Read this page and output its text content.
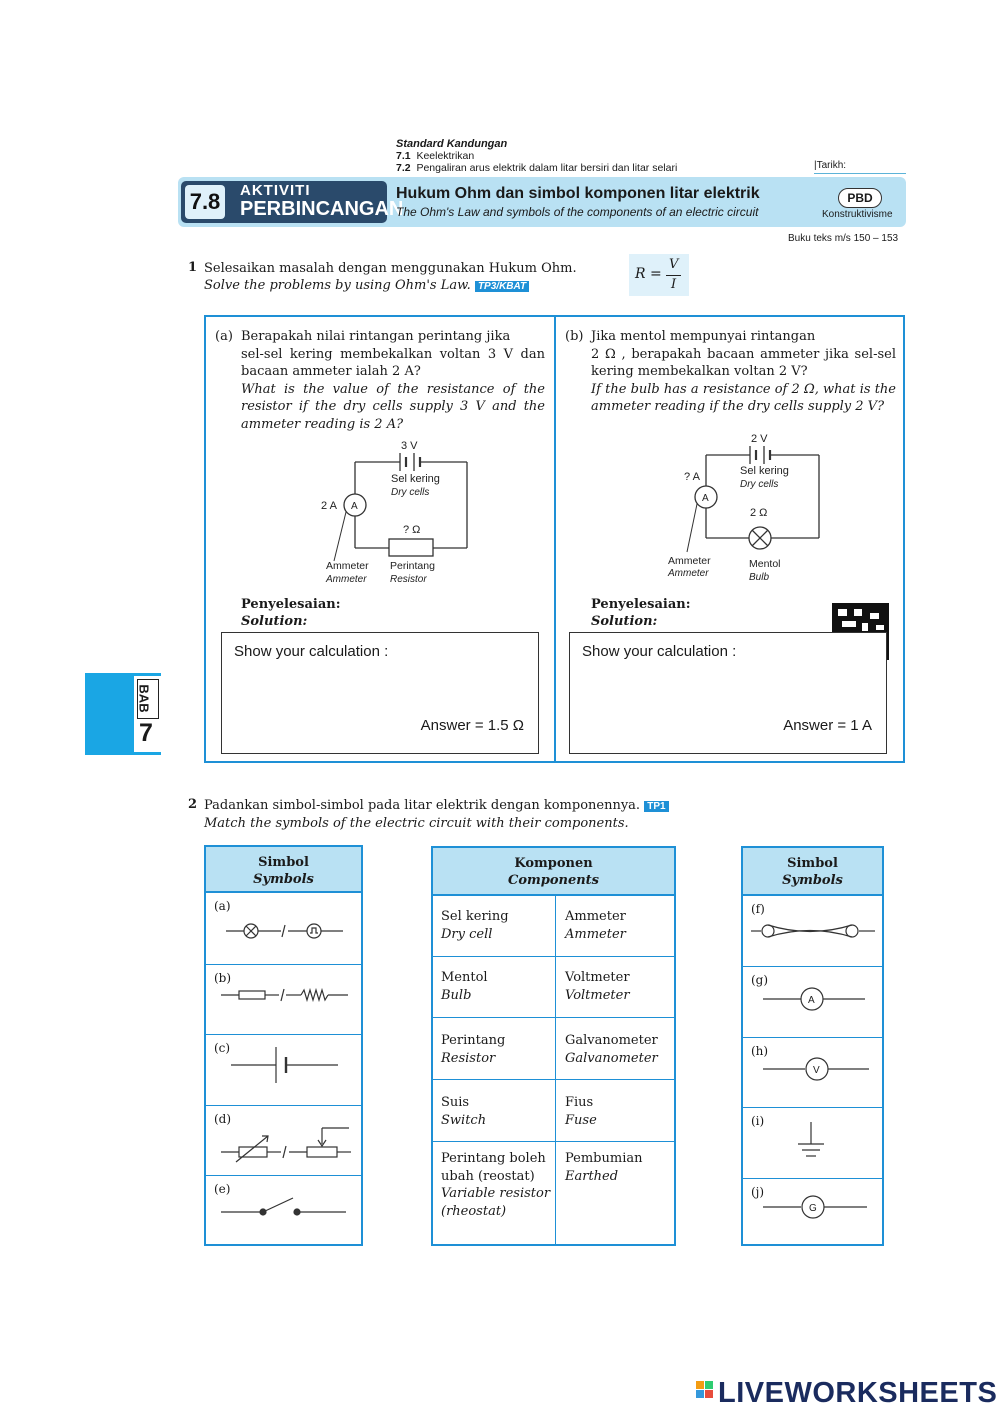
Standard Kandungan
7.1 Keelektrikan
7.2 Pengaliran arus elektrik dalam litar bersiri dan litar selari	|Tarikh:
7.8	AKTIVITI
PERBINCANGAN
Hukum Ohm dan simbol komponen litar elektrik
The Ohm's Law and symbols of the components of an electric circuit
PBD
Konstruktivisme
Buku teks m/s 150 – 153
1 Selesaikan masalah dengan menggunakan Hukum Ohm.
Solve the problems by using Ohm's Law. TP3/KBAT
R =
V
I
(a) Berapakah nilai rintangan perintang jika
sel-sel kering membekalkan voltan 3 V dan bacaan ammeter ialah 2 A?
What is the value of the resistance of the resistor if the dry cells supply 3 V and the ammeter reading is 2 A?
3 V
Sel kering
Dry cells
2 A A
? Ω
Ammeter
Ammeter
Perintang
Resistor
Penyelesaian:
Solution:
Show your calculation :
Answer = 1.5 Ω
(b) Jika mentol mempunyai rintangan
2 Ω , berapakah bacaan ammeter jika sel-sel kering membekalkan voltan 2 V?
If the bulb has a resistance of 2 Ω, what is the ammeter reading if the dry cells supply 2 V?
2 V
Sel kering
Dry cells
? A
A
2 Ω
Ammeter
Ammeter
Mentol
Bulb
Penyelesaian:
Solution:
Show your calculation :
Answer = 1 A
BAB
7
2 Padankan simbol-simbol pada litar elektrik dengan komponennya. TP1
Match the symbols of the electric circuit with their components.
Simbol
Symbols
(a)
(b)
(c)
(d)
(e)
Komponen
Components
Sel kering
Dry cell
Ammeter
Ammeter
Mentol
Bulb
Voltmeter
Voltmeter
Perintang
Resistor
Galvanometer
Galvanometer
Suis
Switch
Fius
Fuse
Perintang boleh ubah (reostat)
Variable resistor (rheostat)
Pembumian
Earthed
Simbol
Symbols
(f)
(g)
A
(h)
V
(i)
(j)
G
LIVEWORKSHEETS
